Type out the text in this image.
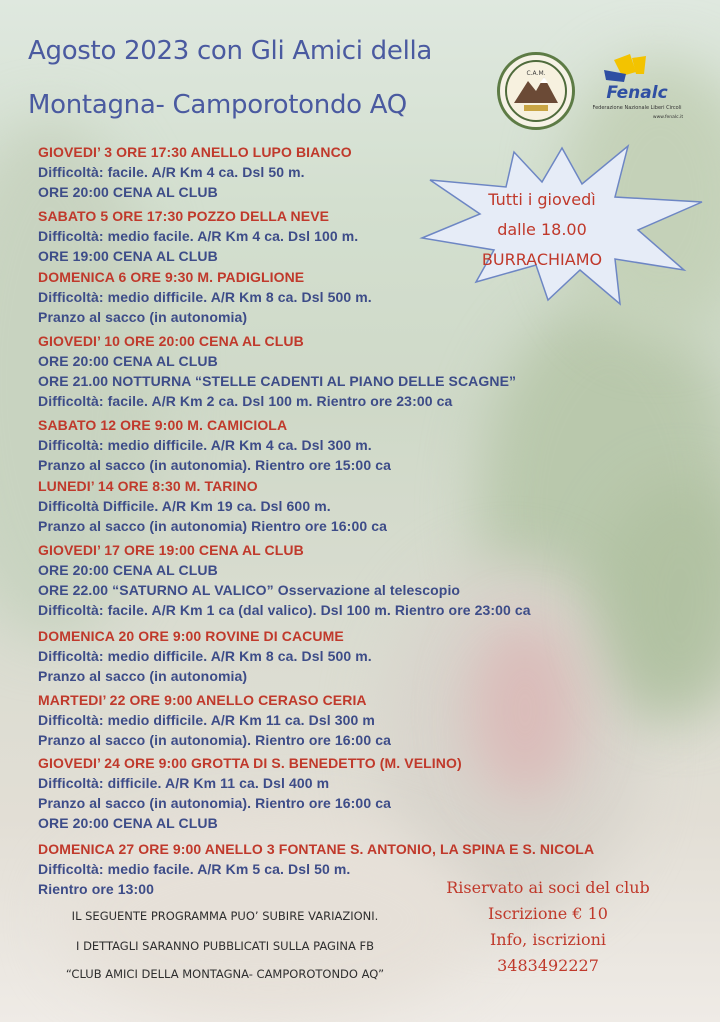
Agosto 2023 con Gli Amici della
Montagna- Camporotondo AQ
C.A.M.
Fenalc
Federazione Nazionale Liberi Circoli
www.fenalc.it
Tutti i giovedì
dalle 18.00
BURRACHIAMO
GIOVEDI’ 3 ORE 17:30 ANELLO LUPO BIANCO
Difficoltà: facile. A/R Km 4 ca. Dsl 50 m.
ORE 20:00 CENA AL CLUB
SABATO 5 ORE 17:30 POZZO DELLA NEVE
Difficoltà: medio facile. A/R Km 4 ca. Dsl 100 m.
ORE 19:00 CENA AL CLUB
DOMENICA 6 ORE 9:30 M. PADIGLIONE
Difficoltà: medio difficile. A/R Km 8 ca. Dsl 500 m.
Pranzo al sacco (in autonomia)
GIOVEDI’ 10 ORE 20:00 CENA AL CLUB
ORE 20:00 CENA AL CLUB
ORE 21.00 NOTTURNA “STELLE CADENTI AL PIANO DELLE SCAGNE”
Difficoltà: facile. A/R Km 2 ca. Dsl 100 m. Rientro ore 23:00 ca
SABATO 12 ORE 9:00 M. CAMICIOLA
Difficoltà: medio difficile. A/R Km 4 ca. Dsl 300 m.
Pranzo al sacco (in autonomia). Rientro ore 15:00 ca
LUNEDI’ 14 ORE 8:30 M. TARINO
Difficoltà Difficile. A/R Km 19 ca. Dsl 600 m.
Pranzo al sacco (in autonomia) Rientro ore 16:00 ca
GIOVEDI’ 17 ORE 19:00 CENA AL CLUB
ORE 20:00 CENA AL CLUB
ORE 22.00 “SATURNO AL VALICO” Osservazione al telescopio
Difficoltà: facile. A/R Km 1 ca (dal valico). Dsl 100 m. Rientro ore 23:00 ca
DOMENICA 20 ORE 9:00 ROVINE DI CACUME
Difficoltà: medio difficile. A/R Km 8 ca. Dsl 500 m.
Pranzo al sacco (in autonomia)
MARTEDI’ 22 ORE 9:00 ANELLO CERASO CERIA
Difficoltà: medio difficile. A/R Km 11 ca. Dsl 300 m
Pranzo al sacco (in autonomia). Rientro ore 16:00 ca
GIOVEDI’ 24 ORE 9:00 GROTTA DI S. BENEDETTO (M. VELINO)
Difficoltà: difficile. A/R Km 11 ca. Dsl 400 m
Pranzo al sacco (in autonomia). Rientro ore 16:00 ca
ORE 20:00 CENA AL CLUB
DOMENICA 27 ORE 9:00 ANELLO 3 FONTANE S. ANTONIO, LA SPINA E S. NICOLA
Difficoltà: medio facile. A/R Km 5 ca. Dsl 50 m.
Rientro ore 13:00
IL SEGUENTE PROGRAMMA PUO’ SUBIRE VARIAZIONI.
I DETTAGLI SARANNO PUBBLICATI SULLA PAGINA FB
“CLUB AMICI DELLA MONTAGNA- CAMPOROTONDO AQ”
Riservato ai soci del club
Iscrizione € 10
Info, iscrizioni
3483492227
